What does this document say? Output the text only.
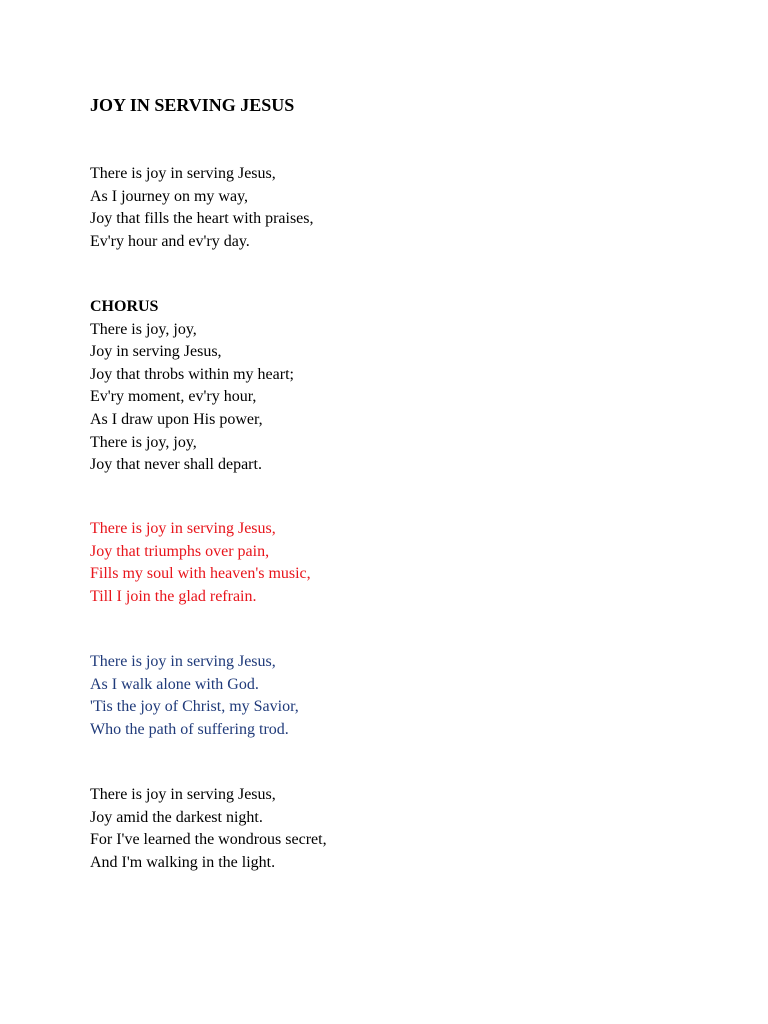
JOY IN SERVING JESUS
There is joy in serving Jesus,
As I journey on my way,
Joy that fills the heart with praises,
Ev'ry hour and ev'ry day.
CHORUS
There is joy, joy,
Joy in serving Jesus,
Joy that throbs within my heart;
Ev'ry moment, ev'ry hour,
As I draw upon His power,
There is joy, joy,
Joy that never shall depart.
There is joy in serving Jesus,
Joy that triumphs over pain,
Fills my soul with heaven's music,
Till I join the glad refrain.
There is joy in serving Jesus,
As I walk alone with God.
'Tis the joy of Christ, my Savior,
Who the path of suffering trod.
There is joy in serving Jesus,
Joy amid the darkest night.
For I've learned the wondrous secret,
And I'm walking in the light.
